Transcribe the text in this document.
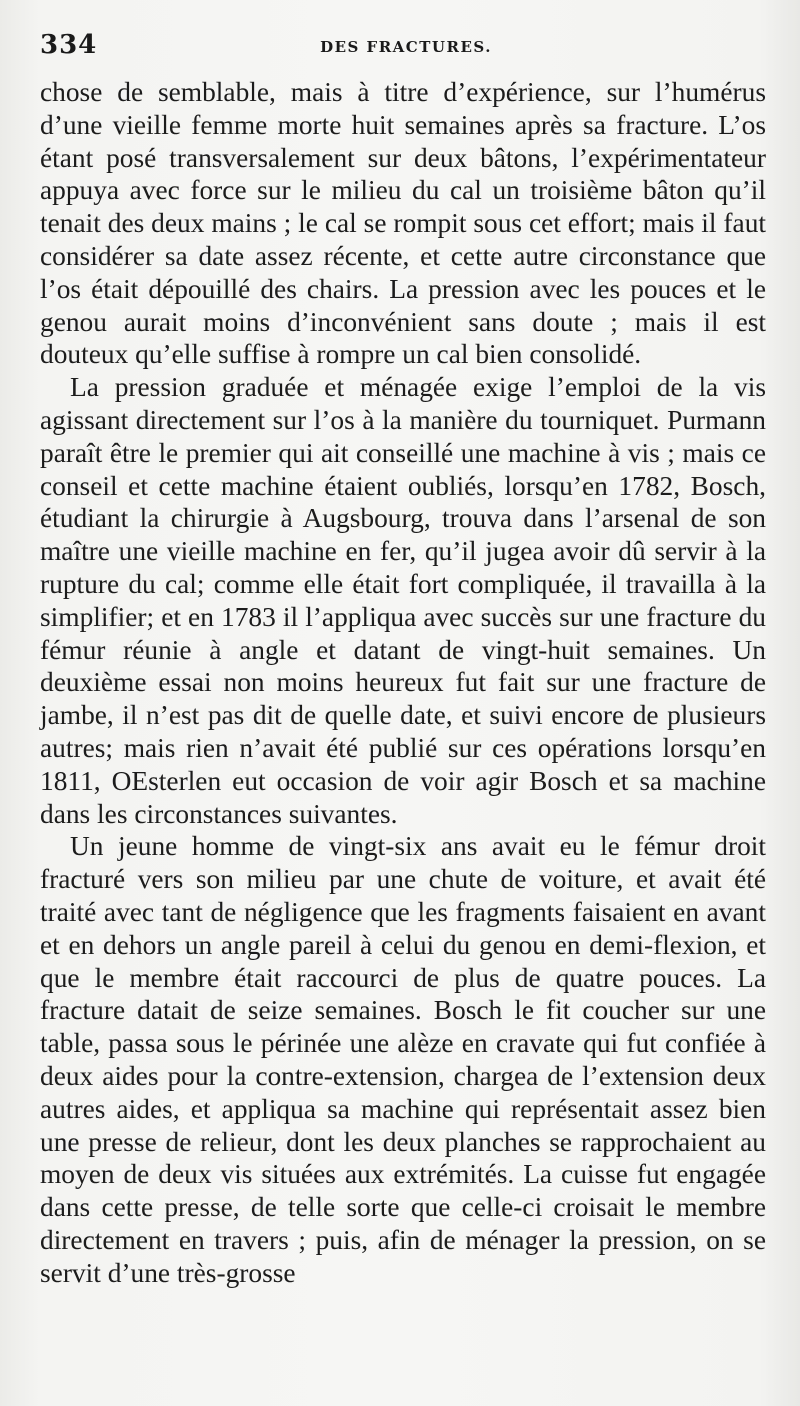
334	DES FRACTURES.

chose de semblable, mais à titre d’expérience, sur l’humérus d’une vieille femme morte huit semaines après sa fracture. L’os étant posé transversalement sur deux bâtons, l’expérimentateur appuya avec force sur le milieu du cal un troisième bâton qu’il tenait des deux mains ; le cal se rompit sous cet effort; mais il faut considérer sa date assez récente, et cette autre circonstance que l’os était dépouillé des chairs. La pression avec les pouces et le genou aurait moins d’inconvénient sans doute ; mais il est douteux qu’elle suffise à rompre un cal bien consolidé.

La pression graduée et ménagée exige l’emploi de la vis agissant directement sur l’os à la manière du tourniquet. Purmann paraît être le premier qui ait conseillé une machine à vis ; mais ce conseil et cette machine étaient oubliés, lorsqu’en 1782, Bosch, étudiant la chirurgie à Augsbourg, trouva dans l’arsenal de son maître une vieille machine en fer, qu’il jugea avoir dû servir à la rupture du cal; comme elle était fort compliquée, il travailla à la simplifier; et en 1783 il l’appliqua avec succès sur une fracture du fémur réunie à angle et datant de vingt-huit semaines. Un deuxième essai non moins heureux fut fait sur une fracture de jambe, il n’est pas dit de quelle date, et suivi encore de plusieurs autres; mais rien n’avait été publié sur ces opérations lorsqu’en 1811, OEsterlen eut occasion de voir agir Bosch et sa machine dans les circonstances suivantes.

Un jeune homme de vingt-six ans avait eu le fémur droit fracturé vers son milieu par une chute de voiture, et avait été traité avec tant de négligence que les fragments faisaient en avant et en dehors un angle pareil à celui du genou en demi-flexion, et que le membre était raccourci de plus de quatre pouces. La fracture datait de seize semaines. Bosch le fit coucher sur une table, passa sous le périnée une alèze en cravate qui fut confiée à deux aides pour la contre-extension, chargea de l’extension deux autres aides, et appliqua sa machine qui représentait assez bien une presse de relieur, dont les deux planches se rapprochaient au moyen de deux vis situées aux extrémités. La cuisse fut engagée dans cette presse, de telle sorte que celle-ci croisait le membre directement en travers ; puis, afin de ménager la pression, on se servit d’une très-grosse
